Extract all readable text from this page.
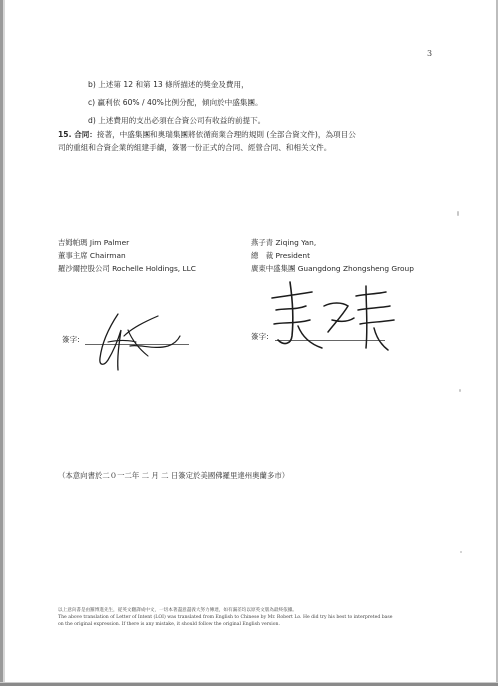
3
b) 上述第 12 和第 13 條所描述的獎金及費用，
c) 贏利依 60% / 40%比例分配，傾向於中盛集團。
d) 上述費用的支出必須在合資公司有收益的前提下。
15. 合同：接著，中盛集團和奧瑞集團將依循商業合理的規則 (全部合資文件)，為項目公
司的重組和合資企業的組建手續，簽署一份正式的合同、經營合同、和相关文件。
吉姆帕瑪 Jim Palmer
董事主席 Chairman
羅沙爾控股公司 Rochelle Holdings, LLC
燕子青 Ziqing Yan,
總　裁 President
廣東中盛集團 Guangdong Zhongsheng Group
簽字:	簽字:
（本意向書於二０一二年 二 月 二 日簽定於美國佛羅里達州奧蘭多市）
以上意向書是由羅博進先生，從英文翻譯成中文，一切本著盡意盡義大努力傳達，如有漏差均以原英文版為最終依據。
The above translation of Letter of Intent (LOI) was translated from English to Chinese by Mr. Robert Lo. He did try his best to interpreted base
on the original expression. If there is any mistake, it should follow the original English version.
